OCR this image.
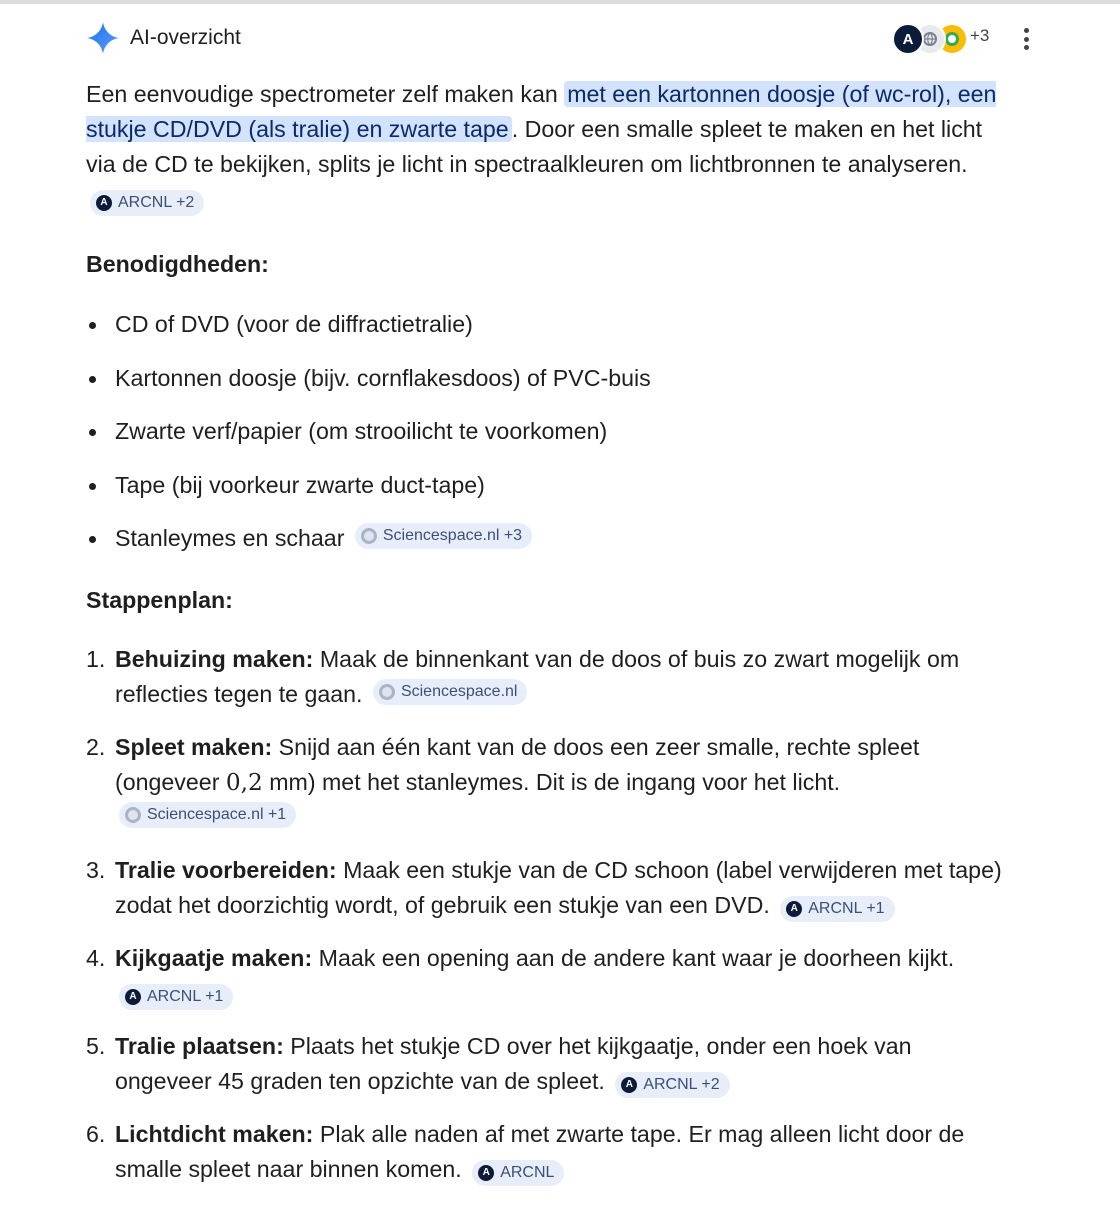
AI-overzicht	A	+3

Een eenvoudige spectrometer zelf maken kan met een kartonnen doosje (of wc-rol), een stukje CD/DVD (als tralie) en zwarte tape . Door een smalle spleet te maken en het licht via de CD te bekijken, splits je licht in spectraalkleuren om lichtbronnen te analyseren.
A ARCNL +2

Benodigdheden:
CD of DVD (voor de diffractietralie)
Kartonnen doosje (bijv. cornflakesdoos) of PVC-buis
Zwarte verf/papier (om strooilicht te voorkomen)
Tape (bij voorkeur zwarte duct-tape)
Stanleymes en schaar Sciencespace.nl +3
Stappenplan:
1. Behuizing maken: Maak de binnenkant van de doos of buis zo zwart mogelijk om reflecties tegen te gaan. Sciencespace.nl
2. Spleet maken: Snijd aan één kant van de doos een zeer smalle, rechte spleet (ongeveer 0,2 mm) met het stanleymes. Dit is de ingang voor het licht.
Sciencespace.nl +1
3. Tralie voorbereiden: Maak een stukje van de CD schoon (label verwijderen met tape) zodat het doorzichtig wordt, of gebruik een stukje van een DVD.	A ARCNL +1
4. Kijkgaatje maken: Maak een opening aan de andere kant waar je doorheen kijkt.
A ARCNL +1
5. Tralie plaatsen: Plaats het stukje CD over het kijkgaatje, onder een hoek van ongeveer 45 graden ten opzichte van de spleet.	A ARCNL +2
6. Lichtdicht maken: Plak alle naden af met zwarte tape. Er mag alleen licht door de smalle spleet naar binnen komen.	A ARCNL
